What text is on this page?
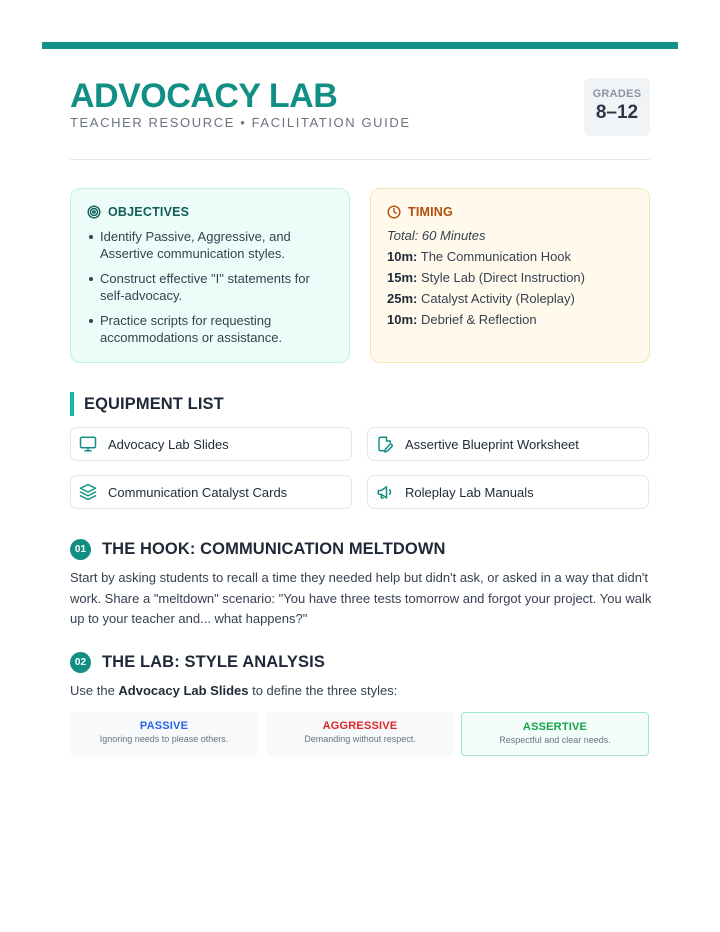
ADVOCACY LAB
TEACHER RESOURCE • FACILITATION GUIDE
GRADES
8–12
OBJECTIVES
Identify Passive, Aggressive, and Assertive communication styles.
Construct effective "I" statements for self-advocacy.
Practice scripts for requesting accommodations or assistance.
TIMING
Total: 60 Minutes
10m: The Communication Hook
15m: Style Lab (Direct Instruction)
25m: Catalyst Activity (Roleplay)
10m: Debrief & Reflection
EQUIPMENT LIST
Advocacy Lab Slides	Assertive Blueprint Worksheet
Communication Catalyst Cards	Roleplay Lab Manuals
01 THE HOOK: COMMUNICATION MELTDOWN
Start by asking students to recall a time they needed help but didn't ask, or asked in a way that didn't work. Share a "meltdown" scenario: "You have three tests tomorrow and forgot your project. You walk up to your teacher and... what happens?"
02 THE LAB: STYLE ANALYSIS
Use the Advocacy Lab Slides to define the three styles:
PASSIVE
Ignoring needs to please others.
AGGRESSIVE
Demanding without respect.
ASSERTIVE
Respectful and clear needs.
